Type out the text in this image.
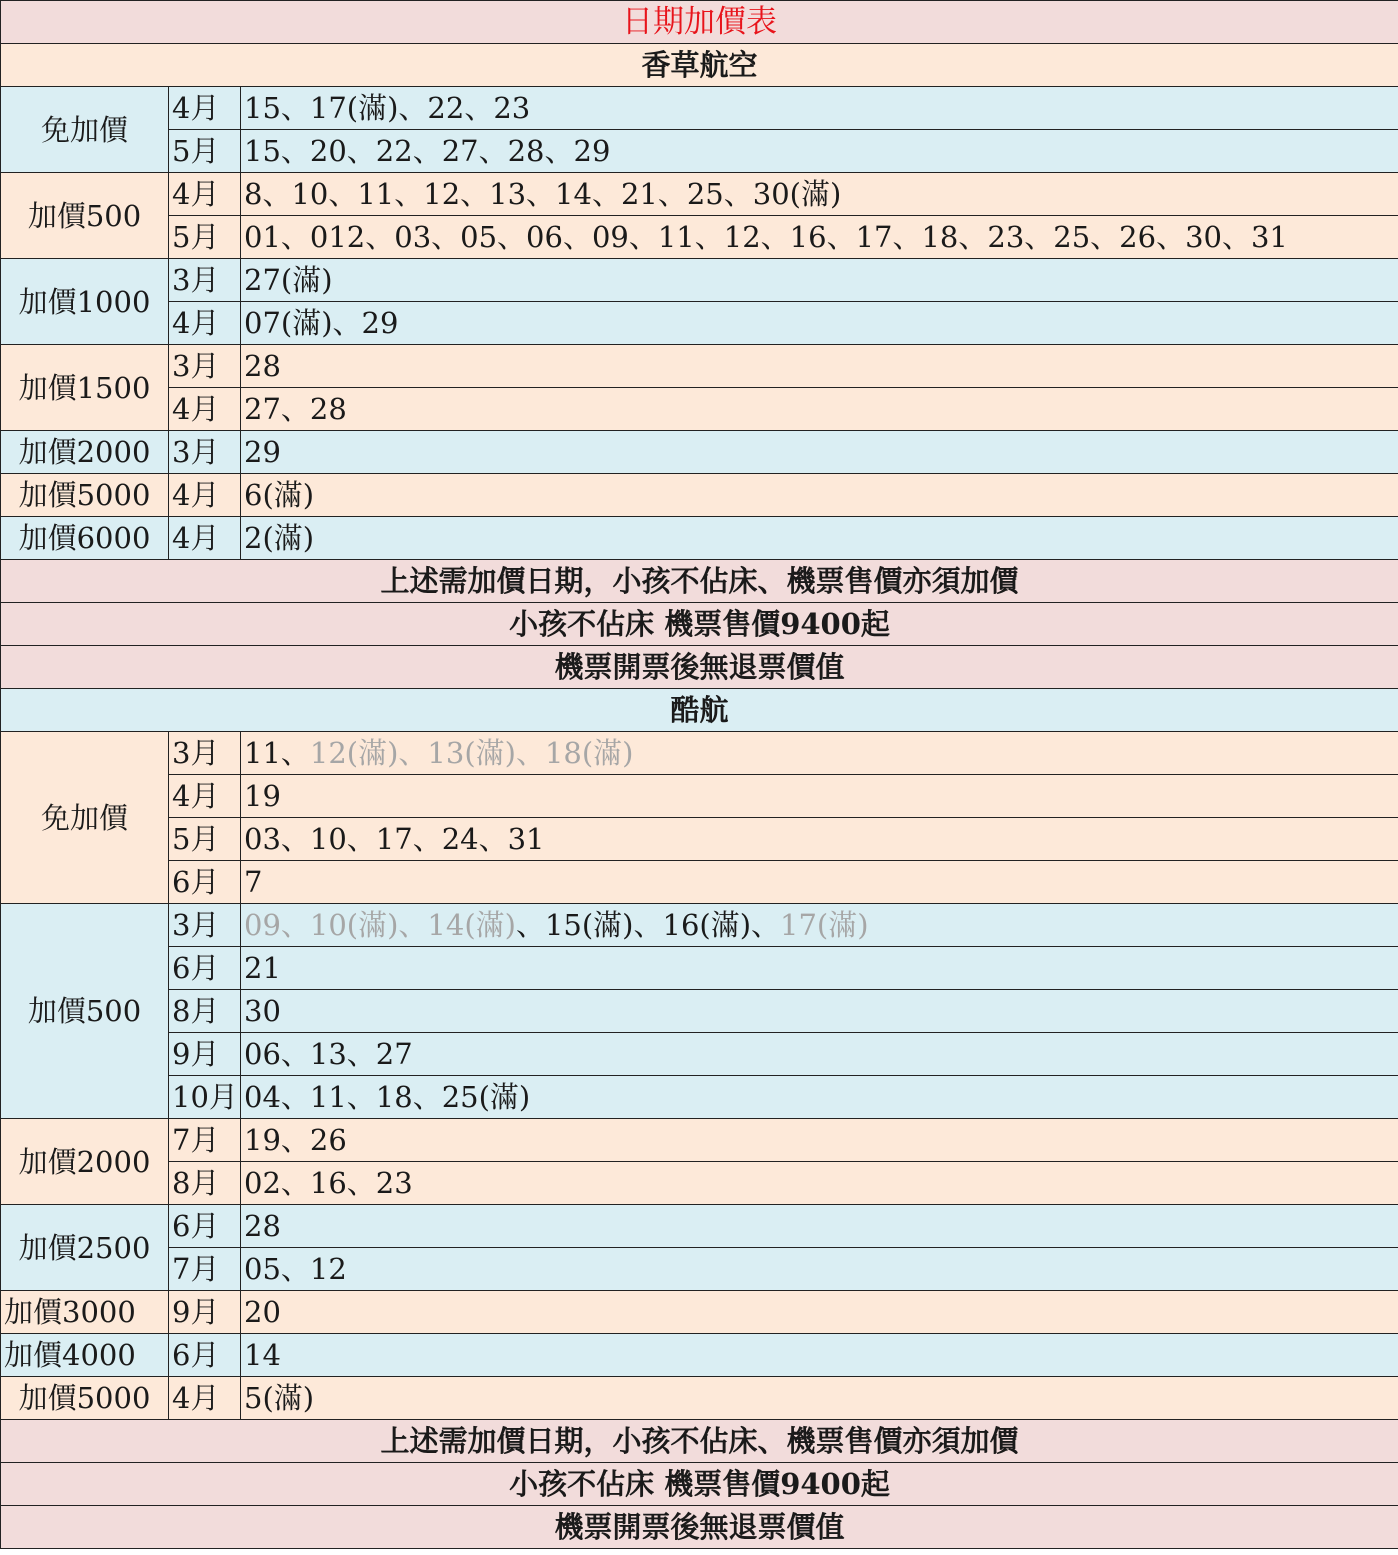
日期加價表		
香草航空		
免加價	4月	15、17(滿)、22、23
	5月	15、20、22、27、28、29
加價500	4月	8、10、11、12、13、14、21、25、30(滿)
	5月	01、012、03、05、06、09、11、12、16、17、18、23、25、26、30、31
加價1000	3月	27(滿)
	4月	07(滿)、29
加價1500	3月	28
	4月	27、28
加價2000	3月	29
加價5000	4月	6(滿)
加價6000	4月	2(滿)
上述需加價日期，小孩不佔床、機票售價亦須加價		
小孩不佔床 機票售價9400起		
機票開票後無退票價值		
酷航		
免加價	3月	11、12(滿)、13(滿)、18(滿)
	4月	19
	5月	03、10、17、24、31
	6月	7
加價500	3月	09、10(滿)、14(滿)、15(滿)、16(滿)、17(滿)
	6月	21
	8月	30
	9月	06、13、27
	10月	04、11、18、25(滿)
加價2000	7月	19、26
	8月	02、16、23
加價2500	6月	28
	7月	05、12
加價3000	9月	20
加價4000	6月	14
加價5000	4月	5(滿)
上述需加價日期，小孩不佔床、機票售價亦須加價		
小孩不佔床 機票售價9400起		
機票開票後無退票價值		
